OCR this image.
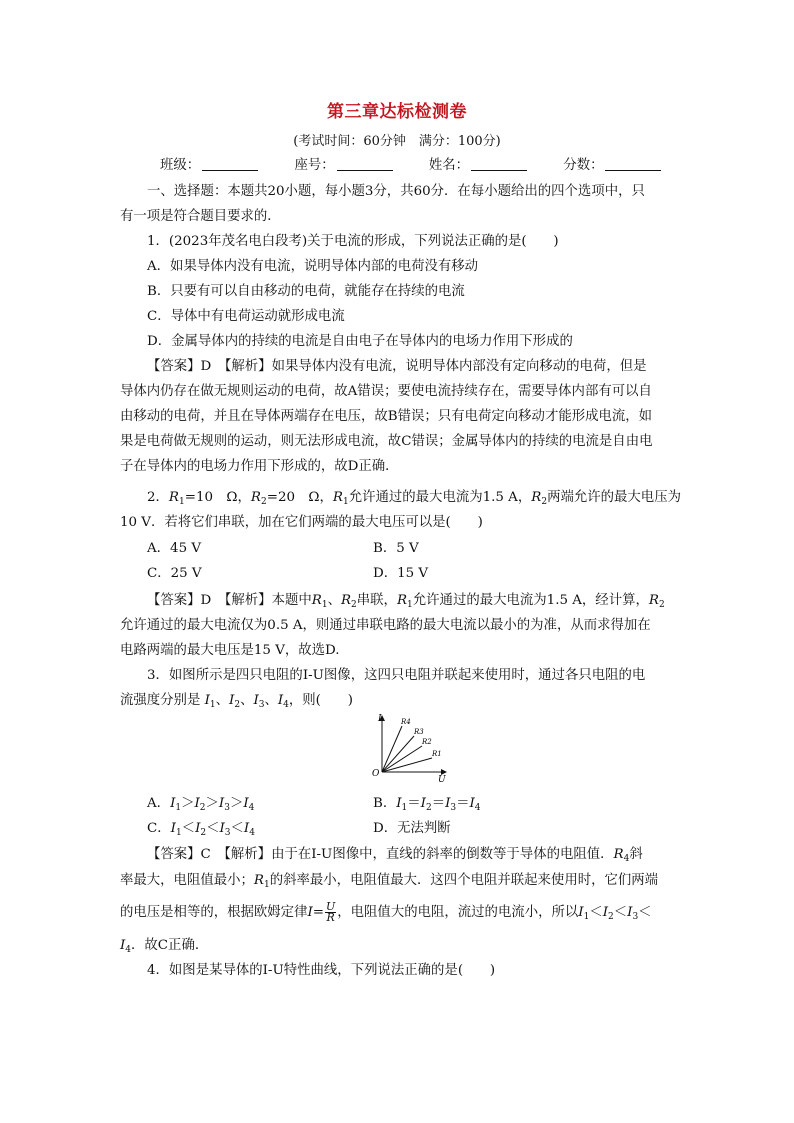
第三章达标检测卷
(考试时间：60分钟　满分：100分)
班级：	座号：	姓名：	分数：
一、选择题：本题共20小题，每小题3分，共60分．在每小题给出的四个选项中，只
有一项是符合题目要求的．
1．(2023年茂名电白段考)关于电流的形成，下列说法正确的是(　　)
A．如果导体内没有电流，说明导体内部的电荷没有移动
B．只要有可以自由移动的电荷，就能存在持续的电流
C．导体中有电荷运动就形成电流
D．金属导体内的持续的电流是自由电子在导体内的电场力作用下形成的
【答案】D　【解析】如果导体内没有电流，说明导体内部没有定向移动的电荷，但是
导体内仍存在做无规则运动的电荷，故A错误；要使电流持续存在，需要导体内部有可以自
由移动的电荷，并且在导体两端存在电压，故B错误；只有电荷定向移动才能形成电流，如
果是电荷做无规则的运动，则无法形成电流，故C错误；金属导体内的持续的电流是自由电
子在导体内的电场力作用下形成的，故D正确．
2．$R_1=10$　Ω，$R_2=20$　Ω，$R_1$允许通过的最大电流为1.5 A，$R_2$两端允许的最大电压为
10 V．若将它们串联，加在它们两端的最大电压可以是(　　)
A．45 V	B．5 V
C．25 V	D．15 V
【答案】D　【解析】本题中$R_1$、$R_2$串联，$R_1$允许通过的最大电流为1.5 A，经计算，$R_2$
允许通过的最大电流仅为0.5 A，则通过串联电路的最大电流以最小的为准，从而求得加在
电路两端的最大电压是15 V，故选D.
3．如图所示是四只电阻的I-U图像，这四只电阻并联起来使用时，通过各只电阻的电
流强度分别是 $I_1$、$I_2$、$I_3$、$I_4$，则(　　)
I
U
O
R4
R3
R2
R1
A．$I_1>I_2>I_3>I_4$	B．$I_1=I_2=I_3=I_4$
C．$I_1<I_2<I_3<I_4$	D．无法判断
【答案】C　【解析】由于在I-U图像中，直线的斜率的倒数等于导体的电阻值．$R_4$斜
率最大，电阻值最小；$R_1$的斜率最小，电阻值最大．这四个电阻并联起来使用时，它们两端
的电压是相等的，根据欧姆定律$I= \frac{U}{R}$ ，电阻值大的电阻，流过的电流小，所以$I_1<I_2<I_3<$
$I_4$．故C正确．
4．如图是某导体的I-U特性曲线，下列说法正确的是(　　)
